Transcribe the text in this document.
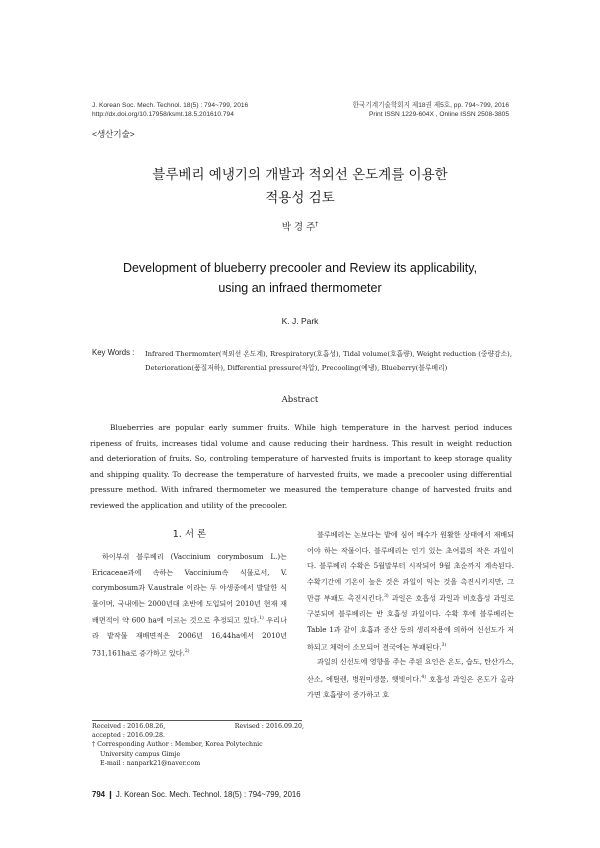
J. Korean Soc. Mech. Technol. 18(5) : 794~799, 2016
http://dx.doi.org/10.17958/ksmt.18.5.201610.794
한국기계기술학회지 제18권 제5호, pp. 794~799, 2016
Print ISSN 1229-604X , Online ISSN 2508-3805
<생산기술>
블루베리 예냉기의 개발과 적외선 온도계를 이용한
적용성 검토
박 경 주†
Development of blueberry precooler and Review its applicability,
using an infraed thermometer
K. J. Park
Key Words : Infrared Thermomter(적외선 온도계), Rrespiratory(호흡성), Tidal volume(호흡량), Weight reduction (중량감소), Deterioration(품질저하), Differential pressure(차압), Precooling(예냉), Blueberry(블루베리)
Abstract
Blueberries are popular early summer fruits. While high temperature in the harvest period induces ripeness of fruits, increases tidal volume and cause reducing their hardness. This result in weight reduction and deterioration of fruits. So, controling temperature of harvested fruits is important to keep storage quality and shipping quality. To decrease the temperature of harvested fruits, we made a precooler using differential pressure method. With infrared thermometer we measured the temperature change of harvested fruits and reviewed the application and utility of the precooler.
1. 서 론

하이부쉬 블루베리 (Vaccinium corymbosum L.)는 Ericaceae과에 속하는 Vaccinium속 식물로서, V. corymbosum과 V.australe 이라는 두 야생종에서 발달한 식물이며, 국내에는 2000년대 초반에 도입되어 2010년 현재 재배면적이 약 600 ha에 이르는 것으로 추정되고 있다.$^{1)}$ 우리나라 밭작물 재배면적은 2006년 16,44ha에서 2010년 731,161ha로 증가하고 있다.$^{2)}$

블루베리는 논보다는 밭에 심어 배수가 원활한 상태에서 재배되어야 하는 작물이다. 블루베리는 인기 있는 초여름의 작은 과일이다. 블루베리 수확은 5월말부터 시작되어 9월 초순까지 계속된다. 수확기간에 기온이 높은 것은 과일이 익는 것을 촉진시키지만, 그 만큼 부패도 촉진시킨다.$^{3)}$ 과일은 호흡성 과일과 비호흡성 과일로 구분되며 블루베리는 반 호흡성 과일이다. 수확 후에 블루베리는 Table 1과 같이 호흡과 증산 등의 생리작용에 의하여 신선도가 저하되고 체력이 소모되어 결국에는 부패된다.$^{3)}$

과일의 신선도에 영향을 주는 주된 요인은 온도, 습도, 탄산가스, 산소, 에틸렌, 병원미생물, 햇빛이다.$^{4)}$ 호흡성 과일은 온도가 올라가면 호흡량이 증가하고 호

Received : 2016.08.26,	Revised : 2016.09.20,
accepted : 2016.09.28.
† Corresponding Author : Member, Korea Polytechnic
University campus Gimje
E-mail : nanpark21@naver.com
794 ❙ J. Korean Soc. Mech. Technol. 18(5) : 794~799, 2016
